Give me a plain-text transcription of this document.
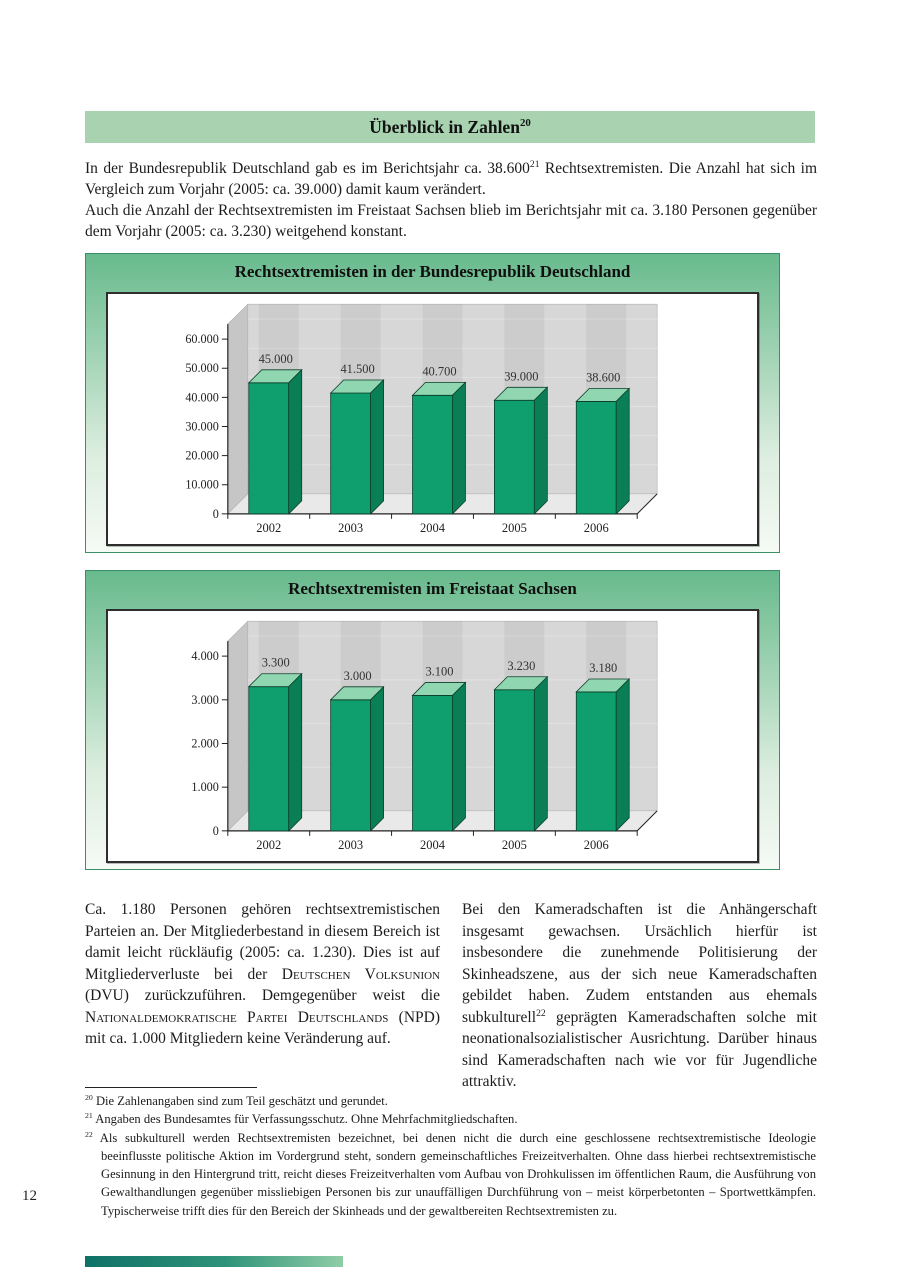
Überblick in Zahlen$^{20}$

In der Bundesrepublik Deutschland gab es im Berichtsjahr ca. 38.600$^{21}$ Rechtsextremisten. Die Anzahl hat sich im Vergleich zum Vorjahr (2005: ca. 39.000) damit kaum verändert.

Auch die Anzahl der Rechtsextremisten im Freistaat Sachsen blieb im Berichtsjahr mit ca. 3.180 Personen gegenüber dem Vorjahr (2005: ca. 3.230) weitgehend konstant.

Rechtsextremisten in der Bundesrepublik Deutschland
0
10.000
20.000
30.000
40.000
50.000
60.000
45.000
2002
41.500
2003
40.700
2004
39.000
2005
38.600
2006
Rechtsextremisten im Freistaat Sachsen
0
1.000
2.000
3.000
4.000	3.300
2002
3.000
2003
3.100
2004
3.230
2005
3.180
2006
Ca. 1.180 Personen gehören rechtsextremistischen Parteien an. Der Mitgliederbestand in diesem Bereich ist damit leicht rückläufig (2005: ca. 1.230). Dies ist auf Mitgliederverluste bei der Deutschen Volksunion (DVU) zurückzuführen. Demgegenüber weist die Nationaldemokratische Partei Deutschlands (NPD) mit ca. 1.000 Mitgliedern keine Veränderung auf.
Bei den Kameradschaften ist die Anhängerschaft insgesamt gewachsen. Ursächlich hierfür ist insbesondere die zunehmende Politisierung der Skinheadszene, aus der sich neue Kameradschaften gebildet haben. Zudem entstanden aus ehemals subkulturell$^{22}$ geprägten Kameradschaften solche mit neonationalsozialistischer Ausrichtung. Darüber hinaus sind Kameradschaften nach wie vor für Jugendliche attraktiv.
$^{20}$ Die Zahlenangaben sind zum Teil geschätzt und gerundet.
$^{21}$ Angaben des Bundesamtes für Verfassungsschutz. Ohne Mehrfachmitgliedschaften.
$^{22}$ Als subkulturell werden Rechtsextremisten bezeichnet, bei denen nicht die durch eine geschlossene rechtsextremistische Ideologie beeinflusste politische Aktion im Vordergrund steht, sondern gemeinschaftliches Freizeitverhalten. Ohne dass hierbei rechtsextremistische Gesinnung in den Hintergrund tritt, reicht dieses Freizeitverhalten vom Aufbau von Drohkulissen im öffentlichen Raum, die Ausführung von Gewalthandlungen gegenüber missliebigen Personen bis zur unauffälligen Durchführung von – meist körperbetonten – Sportwettkämpfen. Typischerweise trifft dies für den Bereich der Skinheads und der gewaltbereiten Rechtsextremisten zu.
12
